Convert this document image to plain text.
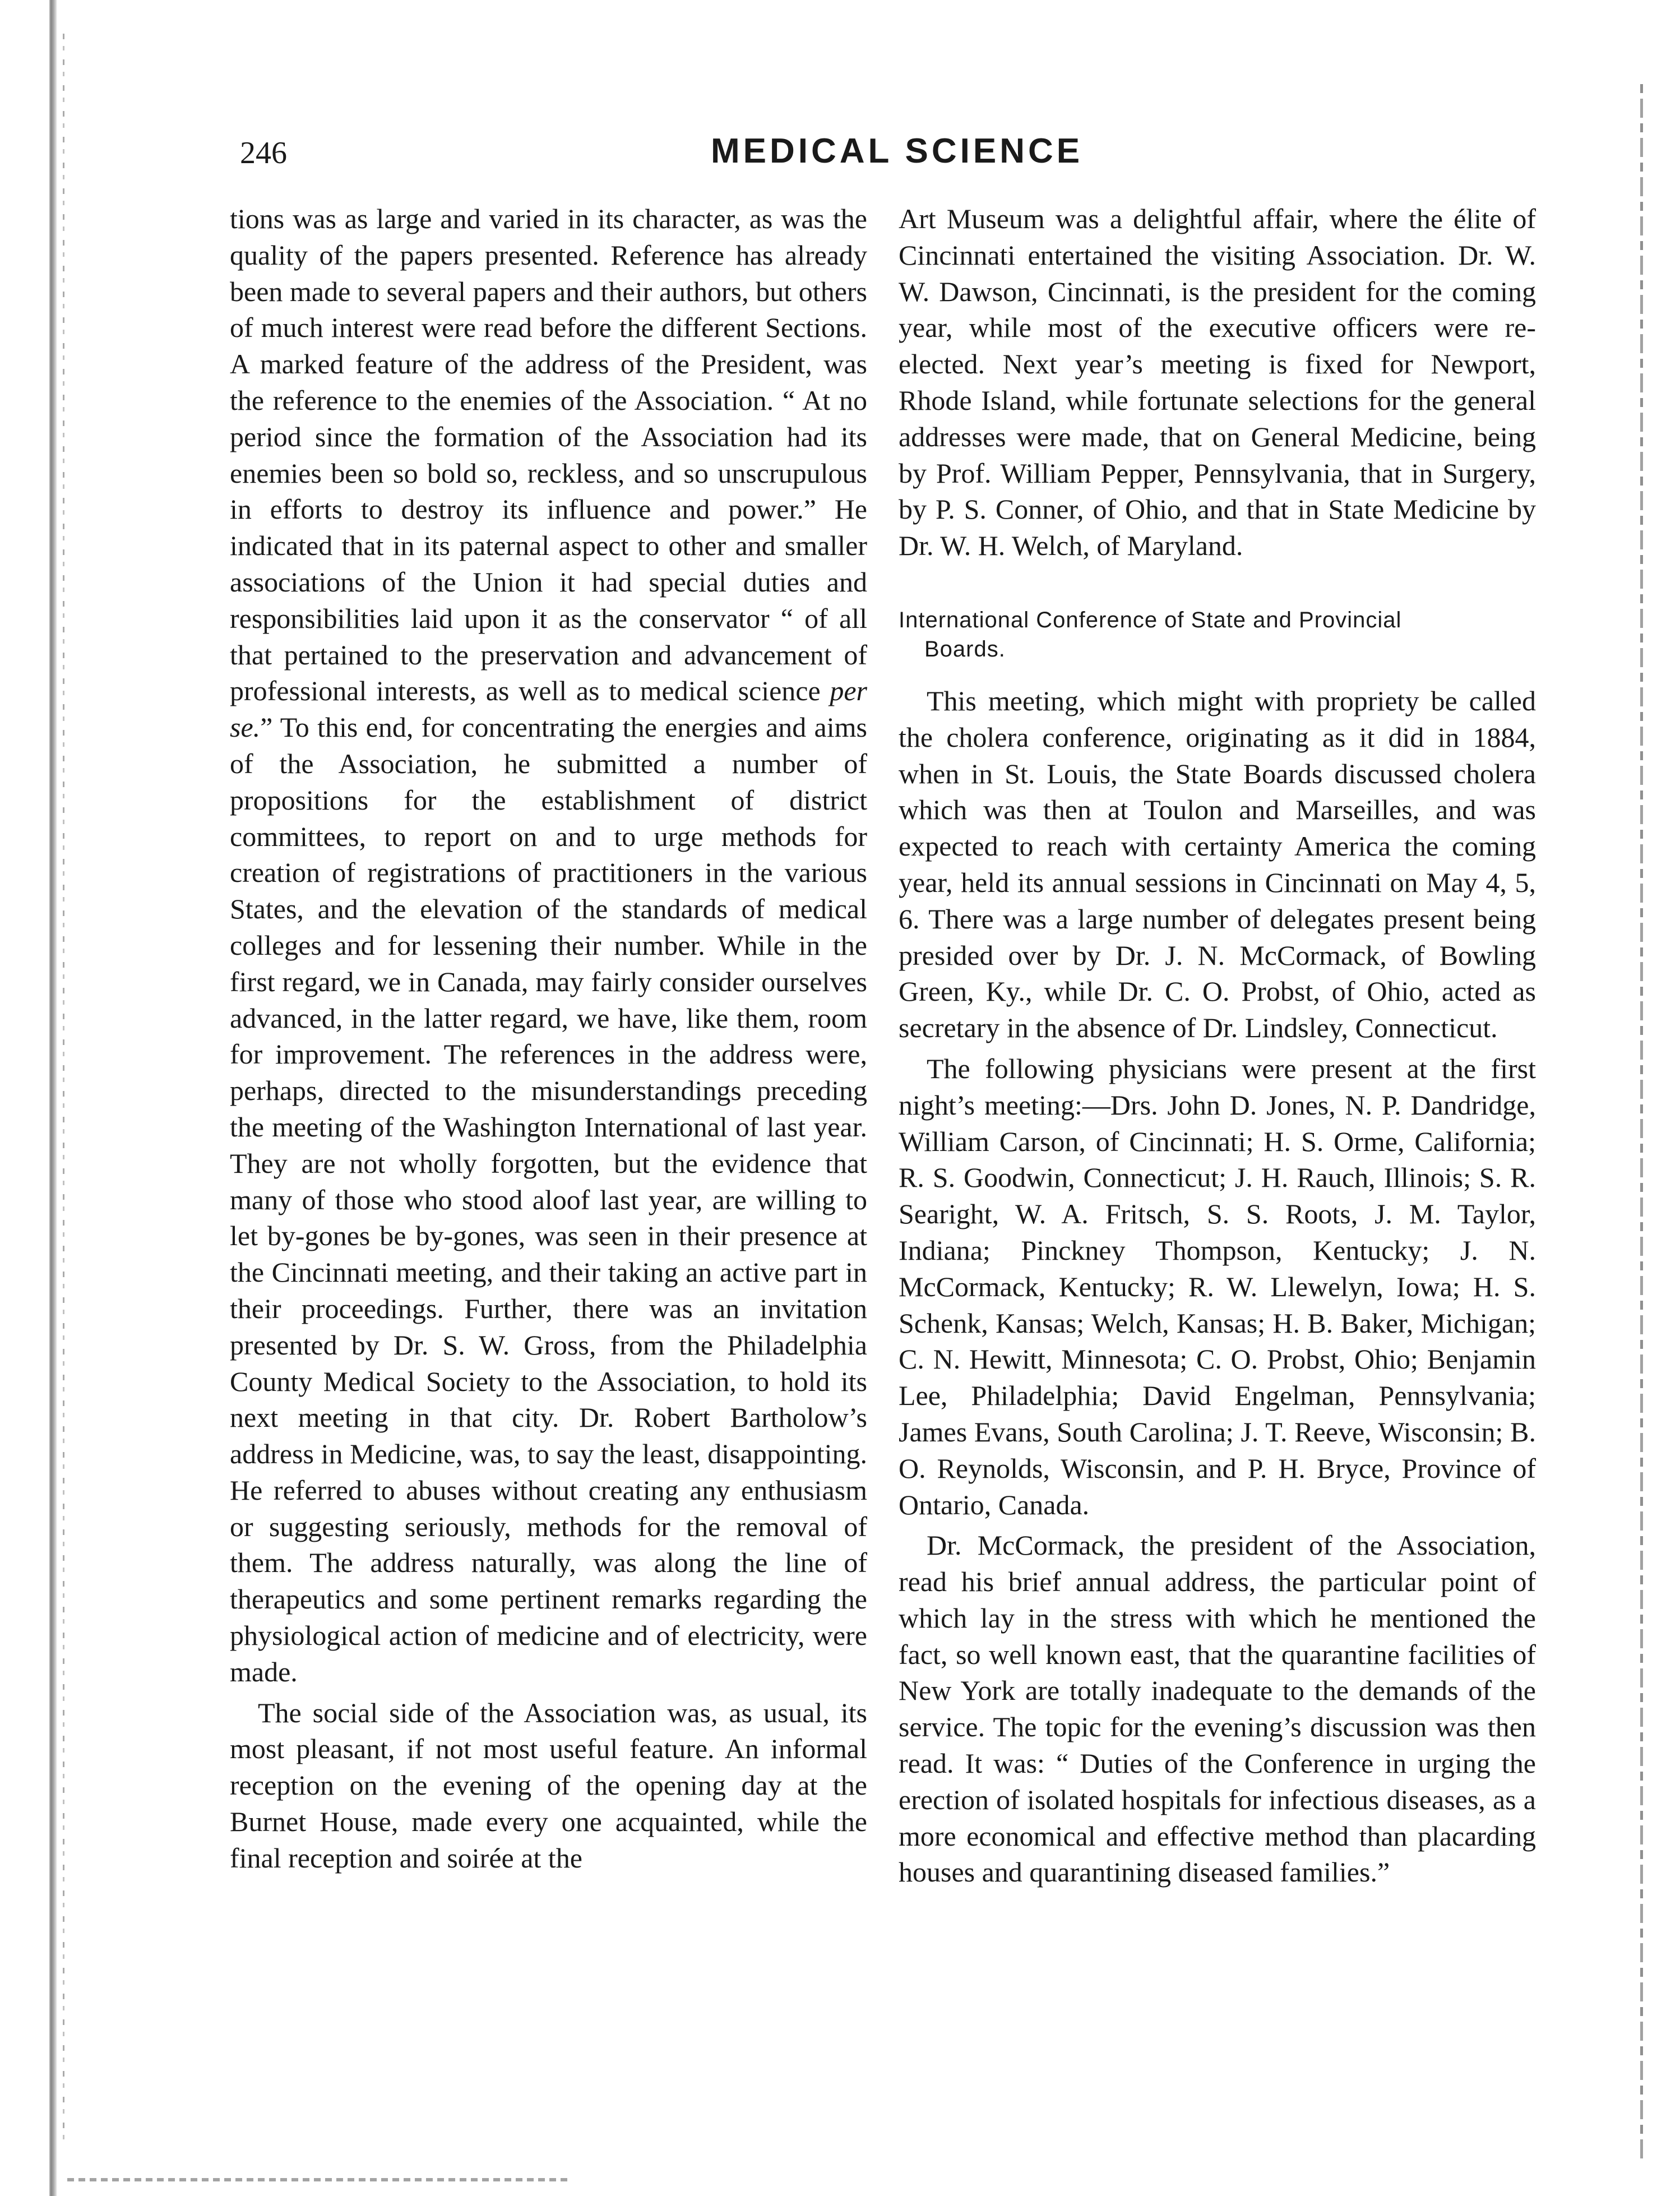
246	MEDICAL SCIENCE

tions was as large and varied in its character, as was the quality of the papers presented. Reference has already been made to several papers and their authors, but others of much interest were read before the different Sections. A marked feature of the address of the President, was the reference to the enemies of the Association. “ At no period since the formation of the Association had its enemies been so bold so, reckless, and so unscrupulous in efforts to destroy its influence and power.” He indicated that in its paternal aspect to other and smaller associations of the Union it had special duties and responsibilities laid upon it as the conservator “ of all that pertained to the preservation and advancement of professional interests, as well as to medical science per se.” To this end, for concentrating the energies and aims of the Association, he submitted a number of propositions for the establishment of district committees, to report on and to urge methods for creation of registrations of practitioners in the various States, and the elevation of the standards of medical colleges and for lessening their number. While in the first regard, we in Canada, may fairly consider ourselves advanced, in the latter regard, we have, like them, room for improvement. The references in the address were, perhaps, directed to the misunderstandings preceding the meeting of the Washington International of last year. They are not wholly forgotten, but the evidence that many of those who stood aloof last year, are willing to let by-gones be by-gones, was seen in their presence at the Cincinnati meeting, and their taking an active part in their proceedings. Further, there was an invitation presented by Dr. S. W. Gross, from the Philadelphia County Medical Society to the Association, to hold its next meeting in that city. Dr. Robert Bartholow’s address in Medicine, was, to say the least, disappointing. He referred to abuses without creating any enthusiasm or suggesting seriously, methods for the removal of them. The address naturally, was along the line of therapeutics and some pertinent remarks regarding the physiological action of medicine and of electricity, were made.

The social side of the Association was, as usual, its most pleasant, if not most useful feature. An informal reception on the evening of the opening day at the Burnet House, made every one acquainted, while the final reception and soirée at the

Art Museum was a delightful affair, where the élite of Cincinnati entertained the visiting Association. Dr. W. W. Dawson, Cincinnati, is the president for the coming year, while most of the executive officers were re-elected. Next year’s meeting is fixed for Newport, Rhode Island, while fortunate selections for the general addresses were made, that on General Medicine, being by Prof. William Pepper, Pennsylvania, that in Surgery, by P. S. Conner, of Ohio, and that in State Medicine by Dr. W. H. Welch, of Maryland.

International Conference of State and Provincial
Boards.

This meeting, which might with propriety be called the cholera conference, originating as it did in 1884, when in St. Louis, the State Boards discussed cholera which was then at Toulon and Marseilles, and was expected to reach with certainty America the coming year, held its annual sessions in Cincinnati on May 4, 5, 6. There was a large number of delegates present being presided over by Dr. J. N. McCormack, of Bowling Green, Ky., while Dr. C. O. Probst, of Ohio, acted as secretary in the absence of Dr. Lindsley, Connecticut.

The following physicians were present at the first night’s meeting:—Drs. John D. Jones, N. P. Dandridge, William Carson, of Cincinnati; H. S. Orme, California; R. S. Goodwin, Connecticut; J. H. Rauch, Illinois; S. R. Searight, W. A. Fritsch, S. S. Roots, J. M. Taylor, Indiana; Pinckney Thompson, Kentucky; J. N. McCormack, Kentucky; R. W. Llewelyn, Iowa; H. S. Schenk, Kansas; Welch, Kansas; H. B. Baker, Michigan; C. N. Hewitt, Minnesota; C. O. Probst, Ohio; Benjamin Lee, Philadelphia; David Engelman, Pennsylvania; James Evans, South Carolina; J. T. Reeve, Wisconsin; B. O. Reynolds, Wisconsin, and P. H. Bryce, Province of Ontario, Canada.

Dr. McCormack, the president of the Association, read his brief annual address, the particular point of which lay in the stress with which he mentioned the fact, so well known east, that the quarantine facilities of New York are totally inadequate to the demands of the service. The topic for the evening’s discussion was then read. It was: “ Duties of the Conference in urging the erection of isolated hospitals for infectious diseases, as a more economical and effective method than placarding houses and quarantining diseased families.”
